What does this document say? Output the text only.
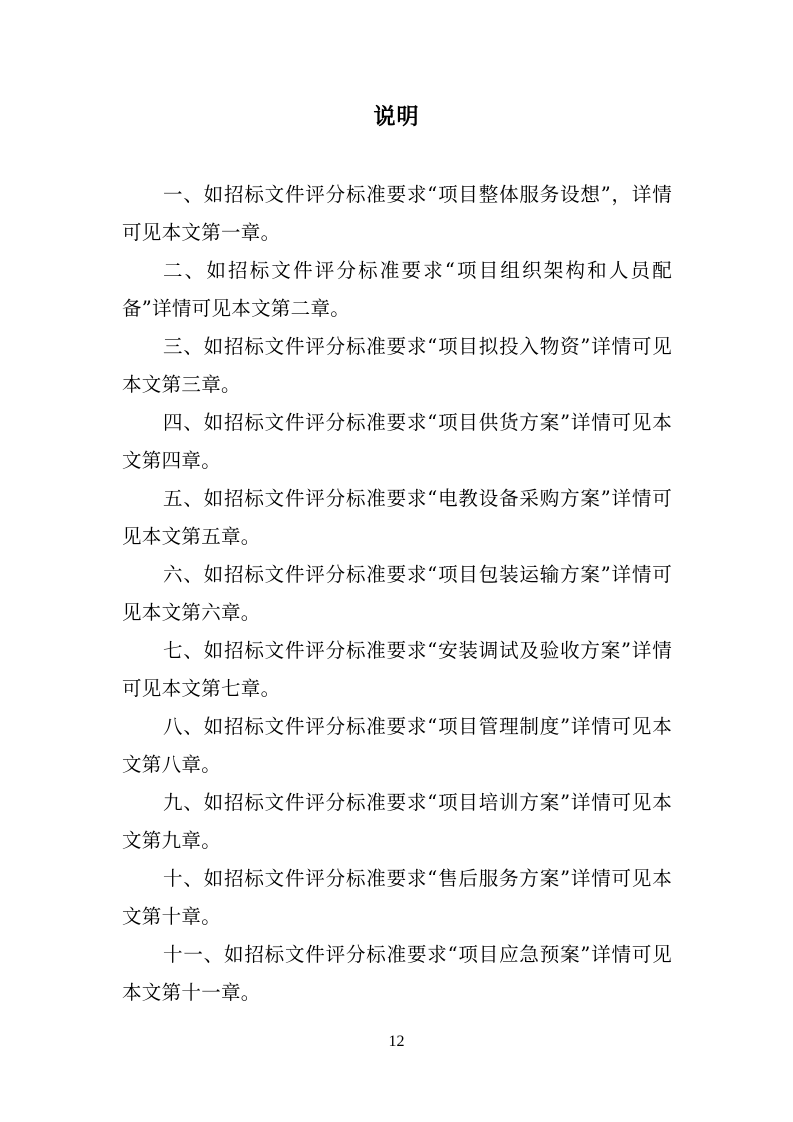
说明

一、如招标文件评分标准要求“项目整体服务设想”，详情可见本文第一章。

二、如招标文件评分标准要求“项目组织架构和人员配备”详情可见本文第二章。

三、如招标文件评分标准要求“项目拟投入物资”详情可见本文第三章。

四、如招标文件评分标准要求“项目供货方案”详情可见本文第四章。

五、如招标文件评分标准要求“电教设备采购方案”详情可见本文第五章。

六、如招标文件评分标准要求“项目包装运输方案”详情可见本文第六章。

七、如招标文件评分标准要求“安装调试及验收方案”详情可见本文第七章。

八、如招标文件评分标准要求“项目管理制度”详情可见本文第八章。

九、如招标文件评分标准要求“项目培训方案”详情可见本文第九章。

十、如招标文件评分标准要求“售后服务方案”详情可见本文第十章。

十一、如招标文件评分标准要求“项目应急预案”详情可见本文第十一章。

12
